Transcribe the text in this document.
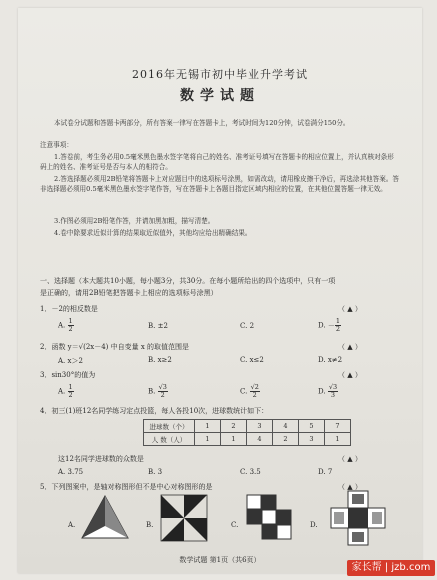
2016年无锡市初中毕业升学考试
数学试题
本试卷分试题和答题卡两部分，所有答案一律写在答题卡上，考试时间为120分钟，试卷满分150分。
注意事项：
1.答卷前，考生务必用0.5毫米黑色墨水签字笔将自己的姓名、准考证号填写在答题卡的相应位置上，并认真核对条形码上的姓名、准考证号是否与本人的相符合。
2.答选择题必须用2B铅笔将答题卡上对应题目中的选项标号涂黑，如需改动，请用橡皮擦干净后，再选涂其他答案。答非选择题必须用0.5毫米黑色墨水签字笔作答，写在答题卡上各题目指定区域内相应的位置，在其他位置答题一律无效。
3.作图必须用2B铅笔作答，并请加黑加粗，描写清楚。
4.卷中除要求近似计算的结果取近似值外，其他均应给出精确结果。
一、选择题（本大题共10小题，每小题3分，共30分。在每小题所给出的四个选项中，只有一项
是正确的，请用2B铅笔把答题卡上相应的选项标号涂黑）
1．－2的相反数是	（ ▲ ）
A. $\frac{1}{2}$	B. ±2	C. 2	D. － $\frac{1}{2}$
2．函数 y＝√(2x－4) 中自变量 x 的取值范围是	（ ▲ ）
A. x＞2	B. x≥2	C. x≤2	D. x≠2
3．sin30°的值为	（ ▲ ）
A. $\frac{1}{2}$	B. $\frac{√3}{2}$	C. $\frac{√2}{2}$	D. $\frac{√3}{3}$
4．初三(1)班12名同学练习定点投篮，每人各投10次，进球数统计如下：
进球数（个）	1	2	3	4	5	7
人 数（人）	1	1	4	2	3	1
这12名同学进球数的众数是	（ ▲ ）
A. 3.75	B. 3	C. 3.5	D. 7
5．下列图案中，是轴对称图形但不是中心对称图形的是	（ ▲ ）
A.	B.	C.	D.
数学试题 第1页（共6页）
家长帮 | jzb.com
